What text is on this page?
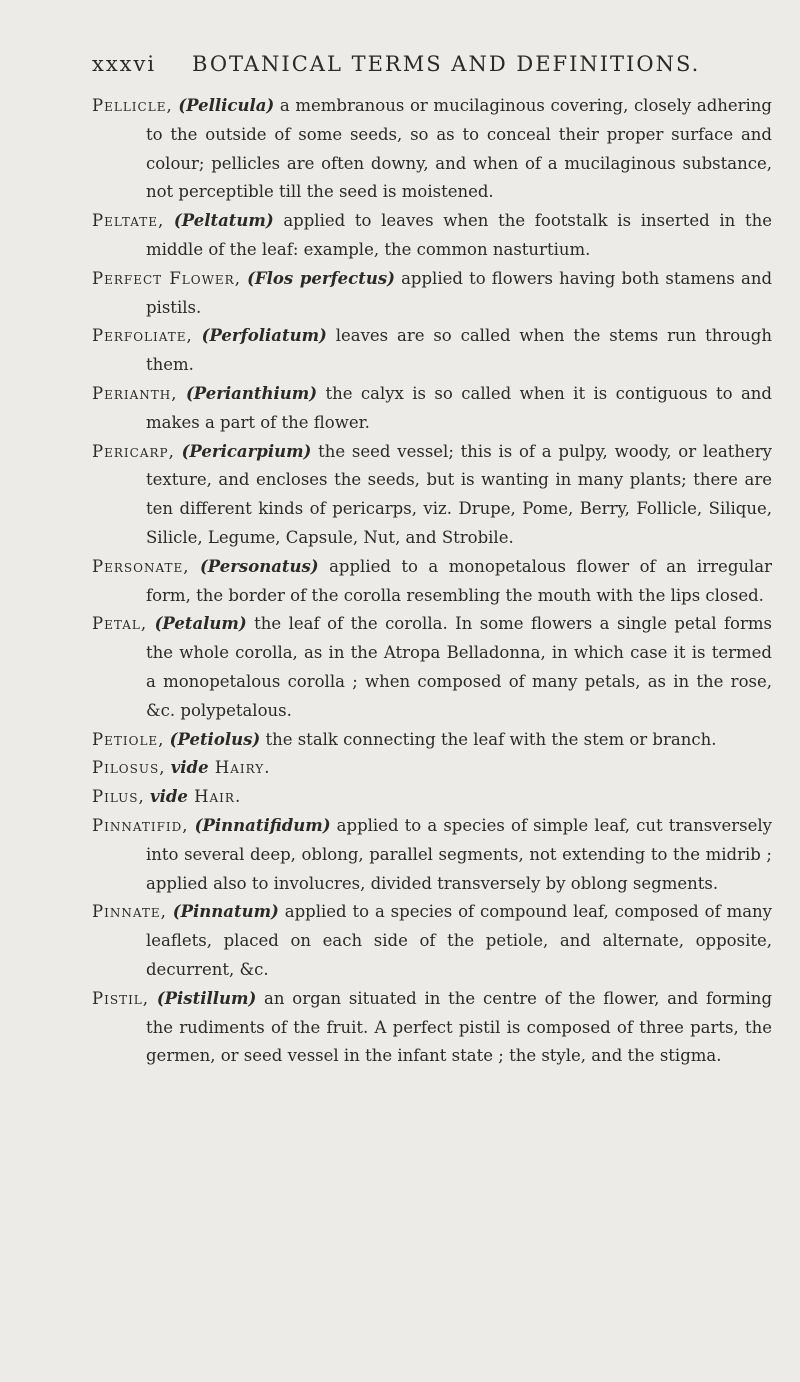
xxxvi BOTANICAL TERMS AND DEFINITIONS.

Pellicle, (Pellicula) a membranous or mucilaginous covering, closely adhering to the outside of some seeds, so as to conceal their proper surface and colour; pellicles are often downy, and when of a mucilaginous substance, not perceptible till the seed is moistened.

Peltate, (Peltatum) applied to leaves when the footstalk is inserted in the middle of the leaf: example, the common nasturtium.

Perfect Flower, (Flos perfectus) applied to flowers having both stamens and pistils.

Perfoliate, (Perfoliatum) leaves are so called when the stems run through them.

Perianth, (Perianthium) the calyx is so called when it is contiguous to and makes a part of the flower.

Pericarp, (Pericarpium) the seed vessel; this is of a pulpy, woody, or leathery texture, and encloses the seeds, but is wanting in many plants; there are ten different kinds of pericarps, viz. Drupe, Pome, Berry, Follicle, Silique, Silicle, Legume, Capsule, Nut, and Strobile.

Personate, (Personatus) applied to a monopetalous flower of an irregular form, the border of the corolla resembling the mouth with the lips closed.

Petal, (Petalum) the leaf of the corolla. In some flowers a single petal forms the whole corolla, as in the Atropa Belladonna, in which case it is termed a monopetalous corolla ; when composed of many petals, as in the rose, &c. polypetalous.

Petiole, (Petiolus) the stalk connecting the leaf with the stem or branch.

Pilosus, vide Hairy.

Pilus, vide Hair.

Pinnatifid, (Pinnatifidum) applied to a species of simple leaf, cut transversely into several deep, oblong, parallel segments, not extending to the midrib ; applied also to involucres, divided transversely by oblong segments.

Pinnate, (Pinnatum) applied to a species of compound leaf, composed of many leaflets, placed on each side of the petiole, and alternate, opposite, decurrent, &c.

Pistil, (Pistillum) an organ situated in the centre of the flower, and forming the rudiments of the fruit. A perfect pistil is composed of three parts, the germen, or seed vessel in the infant state ; the style, and the stigma.
